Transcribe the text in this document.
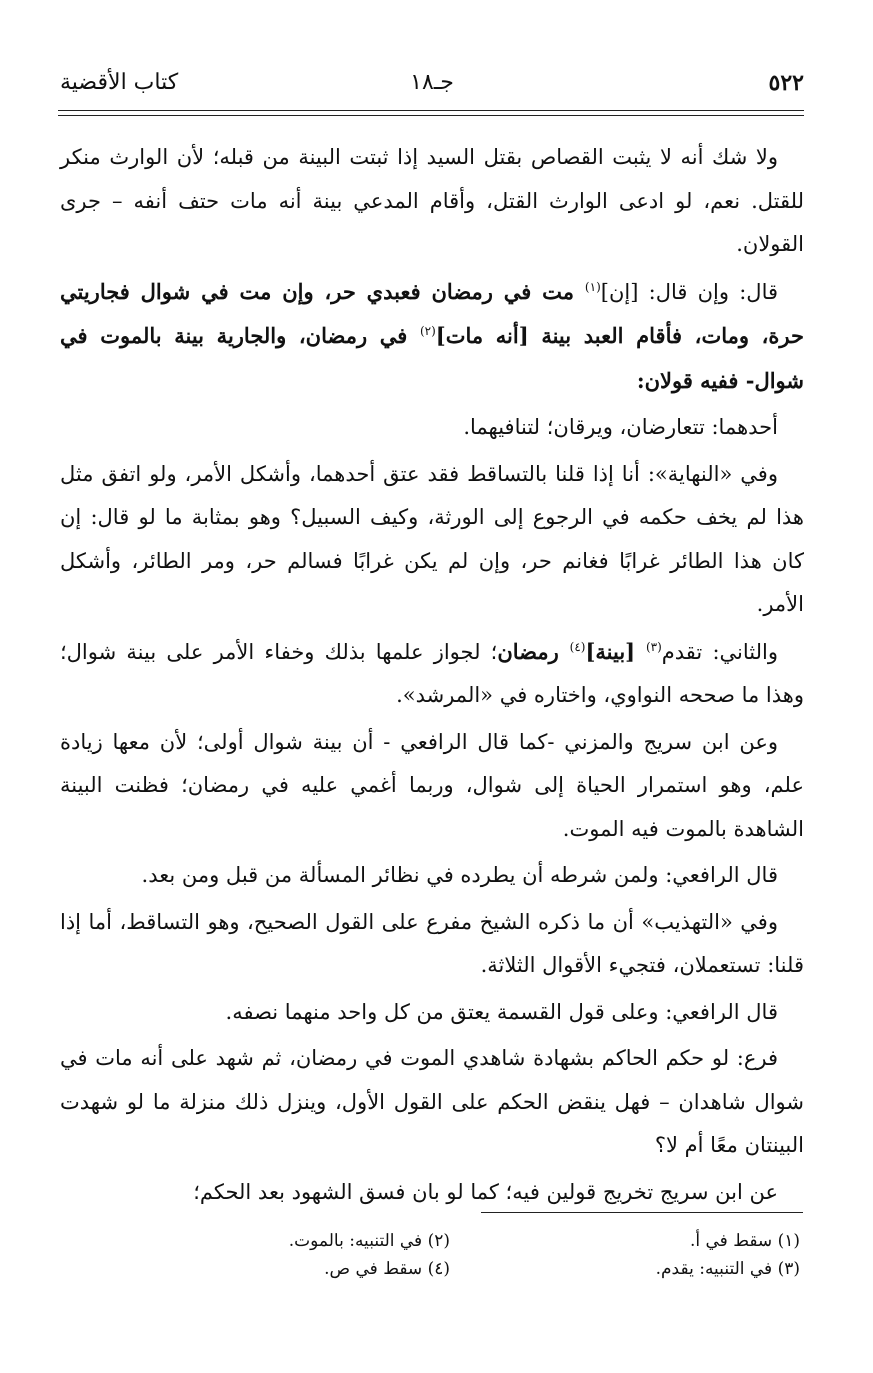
٥٢٢
جـ١٨
كتاب الأقضية

ولا شك أنه لا يثبت القصاص بقتل السيد إذا ثبتت البينة من قبله؛ لأن الوارث منكر للقتل. نعم، لو ادعى الوارث القتل، وأقام المدعي بينة أنه مات حتف أنفه – جرى القولان.

قال: وإن قال: [إن]$^{(١)}$ مت في رمضان فعبدي حر، وإن مت في شوال فجاريتي حرة، ومات، فأقام العبد بينة [أنه مات]$^{(٢)}$ في رمضان، والجارية بينة بالموت في شوال- ففيه قولان:

أحدهما: تتعارضان، ويرقان؛ لتنافيهما.

وفي «النهاية»: أنا إذا قلنا بالتساقط فقد عتق أحدهما، وأشكل الأمر، ولو اتفق مثل هذا لم يخف حكمه في الرجوع إلى الورثة، وكيف السبيل؟ وهو بمثابة ما لو قال: إن كان هذا الطائر غرابًا فغانم حر، وإن لم يكن غرابًا فسالم حر، ومر الطائر، وأشكل الأمر.

والثاني: تقدم$^{(٣)}$ [بينة]$^{(٤)}$ رمضان؛ لجواز علمها بذلك وخفاء الأمر على بينة شوال؛ وهذا ما صححه النواوي، واختاره في «المرشد».

وعن ابن سريج والمزني -كما قال الرافعي - أن بينة شوال أولى؛ لأن معها زيادة علم، وهو استمرار الحياة إلى شوال، وربما أغمي عليه في رمضان؛ فظنت البينة الشاهدة بالموت فيه الموت.

قال الرافعي: ولمن شرطه أن يطرده في نظائر المسألة من قبل ومن بعد.

وفي «التهذيب» أن ما ذكره الشيخ مفرع على القول الصحيح، وهو التساقط، أما إذا قلنا: تستعملان، فتجيء الأقوال الثلاثة.

قال الرافعي: وعلى قول القسمة يعتق من كل واحد منهما نصفه.

فرع: لو حكم الحاكم بشهادة شاهدي الموت في رمضان، ثم شهد على أنه مات في شوال شاهدان – فهل ينقض الحكم على القول الأول، وينزل ذلك منزلة ما لو شهدت البينتان معًا أم لا؟

عن ابن سريج تخريج قولين فيه؛ كما لو بان فسق الشهود بعد الحكم؛

(١) سقط في أ.
(٢) في التنبيه: بالموت.
(٣) في التنبيه: يقدم.
(٤) سقط في ص.
